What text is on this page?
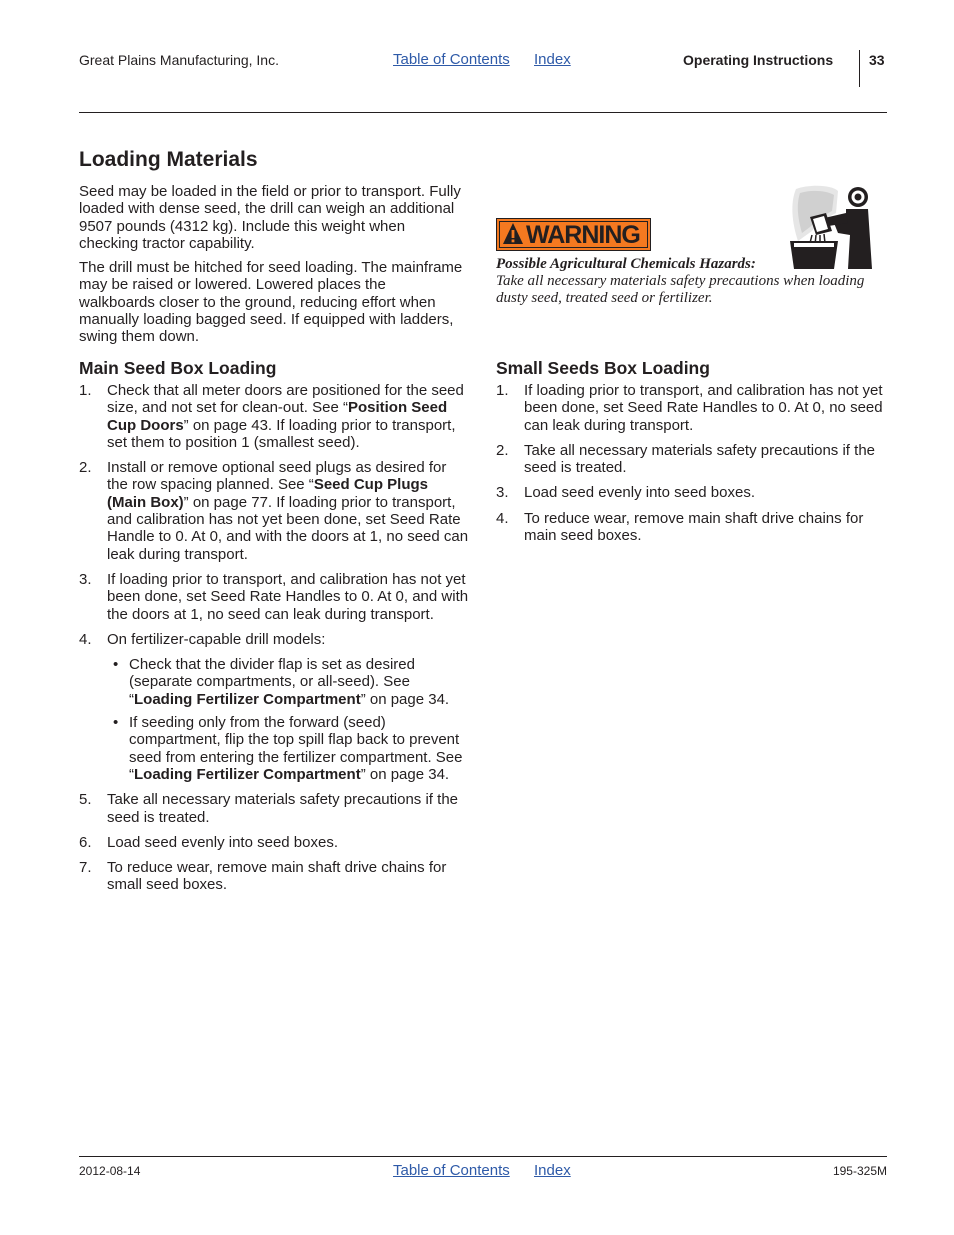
Great Plains Manufacturing, Inc.	Table of Contents Index	Operating Instructions	33
Loading Materials

Seed may be loaded in the field or prior to transport. Fully loaded with dense seed, the drill can weigh an additional 9507 pounds (4312 kg). Include this weight when checking tractor capability.

The drill must be hitched for seed loading. The mainframe may be raised or lowered. Lowered places the walkboards closer to the ground, reducing effort when manually loading bagged seed. If equipped with ladders, swing them down.

Main Seed Box Loading
1. Check that all meter doors are positioned for the seed size, and not set for clean-out. See “Position Seed Cup Doors” on page 43. If loading prior to transport, set them to position 1 (smallest seed).
2. Install or remove optional seed plugs as desired for the row spacing planned. See “Seed Cup Plugs (Main Box)” on page 77. If loading prior to transport, and calibration has not yet been done, set Seed Rate Handle to 0. At 0, and with the doors at 1, no seed can leak during transport.
3. If loading prior to transport, and calibration has not yet been done, set Seed Rate Handles to 0. At 0, and with the doors at 1, no seed can leak during transport.
4. On fertilizer-capable drill models:
• Check that the divider flap is set as desired (separate compartments, or all-seed). See “Loading Fertilizer Compartment” on page 34.
• If seeding only from the forward (seed) compartment, flip the top spill flap back to prevent seed from entering the fertilizer compartment. See “Loading Fertilizer Compartment” on page 34.
5. Take all necessary materials safety precautions if the seed is treated.
6. Load seed evenly into seed boxes.
7. To reduce wear, remove main shaft drive chains for small seed boxes.
WARNING
Possible Agricultural Chemicals Hazards:
Take all necessary materials safety precautions when loading dusty seed, treated seed or fertilizer.
Small Seeds Box Loading
1. If loading prior to transport, and calibration has not yet been done, set Seed Rate Handles to 0. At 0, no seed can leak during transport.
2. Take all necessary materials safety precautions if the seed is treated.
3. Load seed evenly into seed boxes.
4. To reduce wear, remove main shaft drive chains for main seed boxes.
2012-08-14	Table of Contents Index	195-325M
